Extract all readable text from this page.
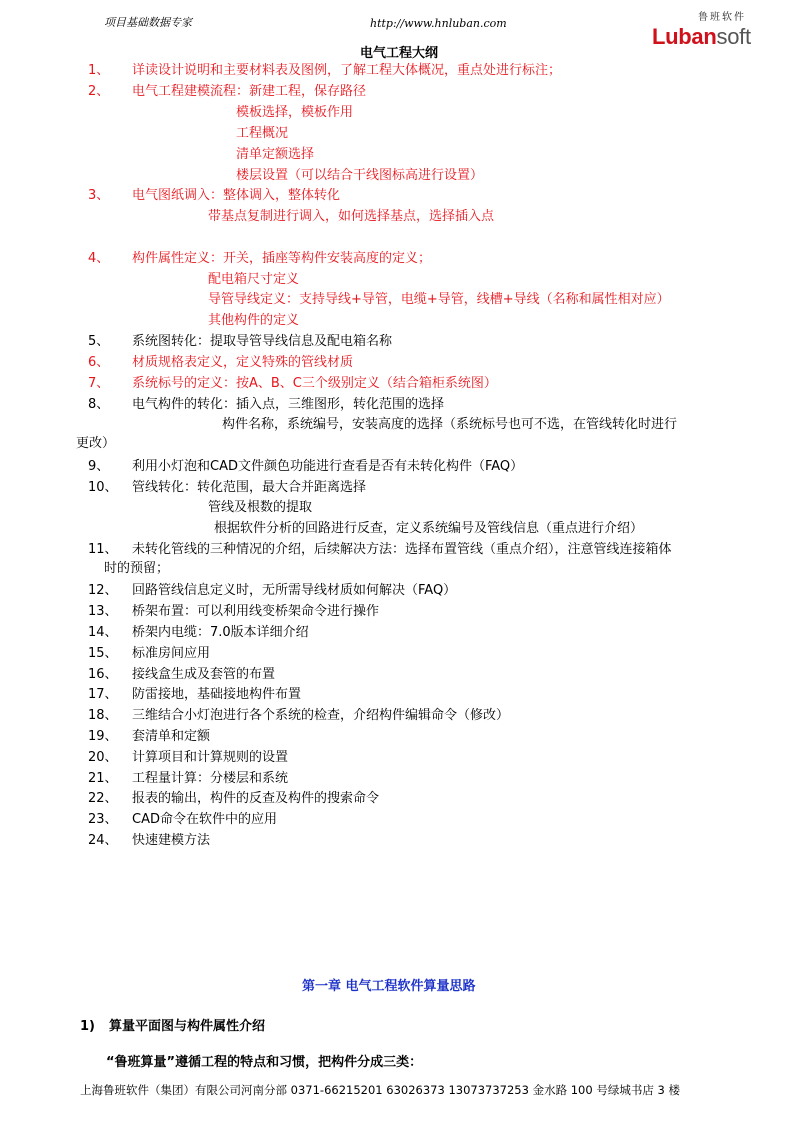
项目基础数据专家	http://www.hnluban.com	鲁班软件
Lubansoft
电气工程大纲
1、 详读设计说明和主要材料表及图例，了解工程大体概况，重点处进行标注；
2、 电气工程建模流程：新建工程，保存路径
模板选择，模板作用
工程概况
清单定额选择
楼层设置（可以结合干线图标高进行设置）
3、 电气图纸调入：整体调入，整体转化
带基点复制进行调入，如何选择基点，选择插入点
4、 构件属性定义：开关，插座等构件安装高度的定义；
配电箱尺寸定义
导管导线定义：支持导线+导管，电缆+导管，线槽+导线（名称和属性相对应）
其他构件的定义
5、 系统图转化：提取导管导线信息及配电箱名称
6、 材质规格表定义，定义特殊的管线材质
7、 系统标号的定义：按A、B、C三个级别定义（结合箱柜系统图）
8、 电气构件的转化：插入点，三维图形，转化范围的选择
构件名称，系统编号，安装高度的选择（系统标号也可不选，在管线转化时进行
更改）
9、 利用小灯泡和CAD文件颜色功能进行查看是否有未转化构件（FAQ）
10、 管线转化：转化范围，最大合并距离选择
管线及根数的提取
根据软件分析的回路进行反查，定义系统编号及管线信息（重点进行介绍）
11、 未转化管线的三种情况的介绍，后续解决方法：选择布置管线（重点介绍），注意管线连接箱体
时的预留；
12、 回路管线信息定义时，无所需导线材质如何解决（FAQ）
13、 桥架布置：可以利用线变桥架命令进行操作
14、 桥架内电缆：7.0版本详细介绍
15、 标准房间应用
16、 接线盒生成及套管的布置
17、 防雷接地，基础接地构件布置
18、 三维结合小灯泡进行各个系统的检查，介绍构件编辑命令（修改）
19、 套清单和定额
20、 计算项目和计算规则的设置
21、 工程量计算：分楼层和系统
22、 报表的输出，构件的反查及构件的搜索命令
23、 CAD命令在软件中的应用
24、 快速建模方法
第一章 电气工程软件算量思路
1) 算量平面图与构件属性介绍
“鲁班算量”遵循工程的特点和习惯，把构件分成三类：
上海鲁班软件（集团）有限公司河南分部 0371-66215201 63026373 13073737253 金水路 100 号绿城书店 3 楼
